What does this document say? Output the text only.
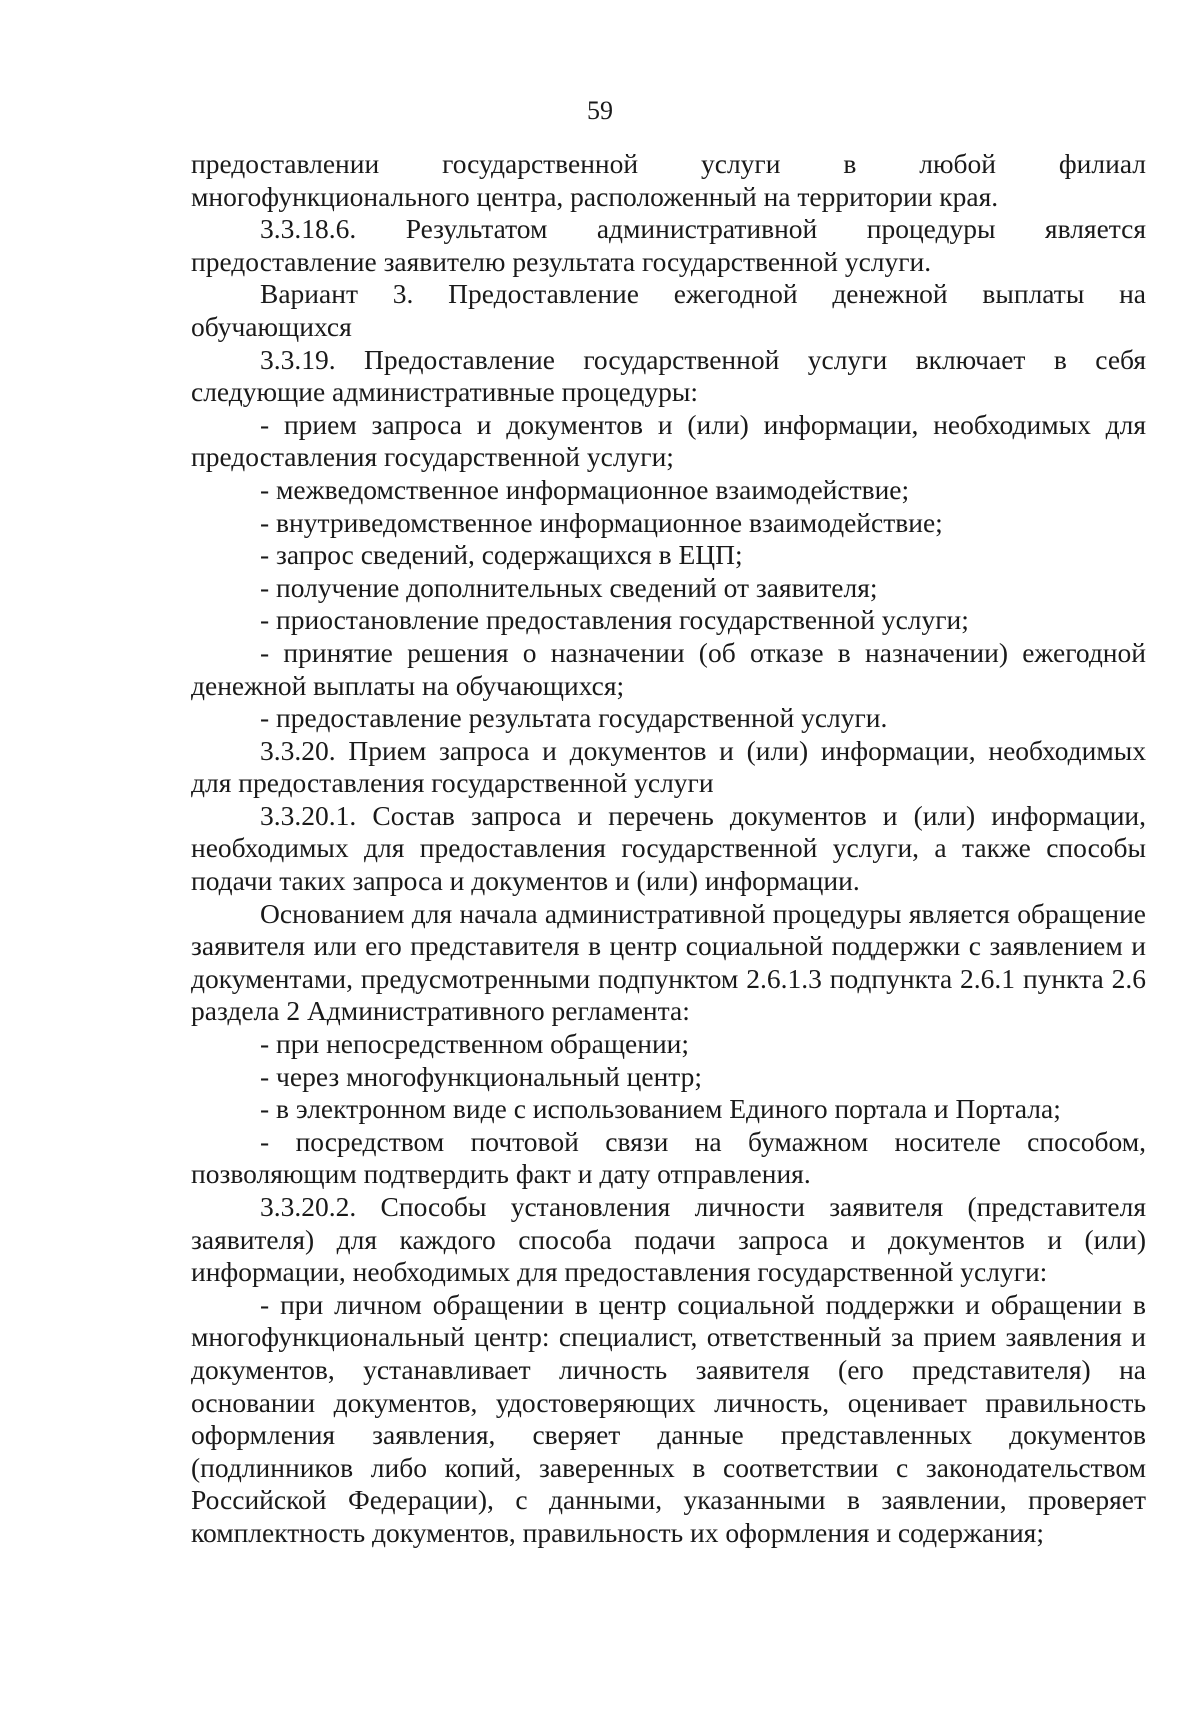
59

предоставлении государственной услуги в любой филиал многофункционального центра, расположенный на территории края.

3.3.18.6. Результатом административной процедуры является предоставление заявителю результата государственной услуги.

Вариант 3. Предоставление ежегодной денежной выплаты на обучающихся

3.3.19. Предоставление государственной услуги включает в себя следующие административные процедуры:

- прием запроса и документов и (или) информации, необходимых для предоставления государственной услуги;

- межведомственное информационное взаимодействие;

- внутриведомственное информационное взаимодействие;

- запрос сведений, содержащихся в ЕЦП;

- получение дополнительных сведений от заявителя;

- приостановление предоставления государственной услуги;

- принятие решения о назначении (об отказе в назначении) ежегодной денежной выплаты на обучающихся;

- предоставление результата государственной услуги.

3.3.20. Прием запроса и документов и (или) информации, необходимых для предоставления государственной услуги

3.3.20.1. Состав запроса и перечень документов и (или) информации, необходимых для предоставления государственной услуги, а также способы подачи таких запроса и документов и (или) информации.

Основанием для начала административной процедуры является обращение заявителя или его представителя в центр социальной поддержки с заявлением и документами, предусмотренными подпунктом 2.6.1.3 подпункта 2.6.1 пункта 2.6 раздела 2 Административного регламента:

- при непосредственном обращении;

- через многофункциональный центр;

- в электронном виде с использованием Единого портала и Портала;

- посредством почтовой связи на бумажном носителе способом, позволяющим подтвердить факт и дату отправления.

3.3.20.2. Способы установления личности заявителя (представителя заявителя) для каждого способа подачи запроса и документов и (или) информации, необходимых для предоставления государственной услуги:

- при личном обращении в центр социальной поддержки и обращении в многофункциональный центр: специалист, ответственный за прием заявления и документов, устанавливает личность заявителя (его представителя) на основании документов, удостоверяющих личность, оценивает правильность оформления заявления, сверяет данные представленных документов (подлинников либо копий, заверенных в соответствии с законодательством Российской Федерации), с данными, указанными в заявлении, проверяет комплектность документов, правильность их оформления и содержания;
